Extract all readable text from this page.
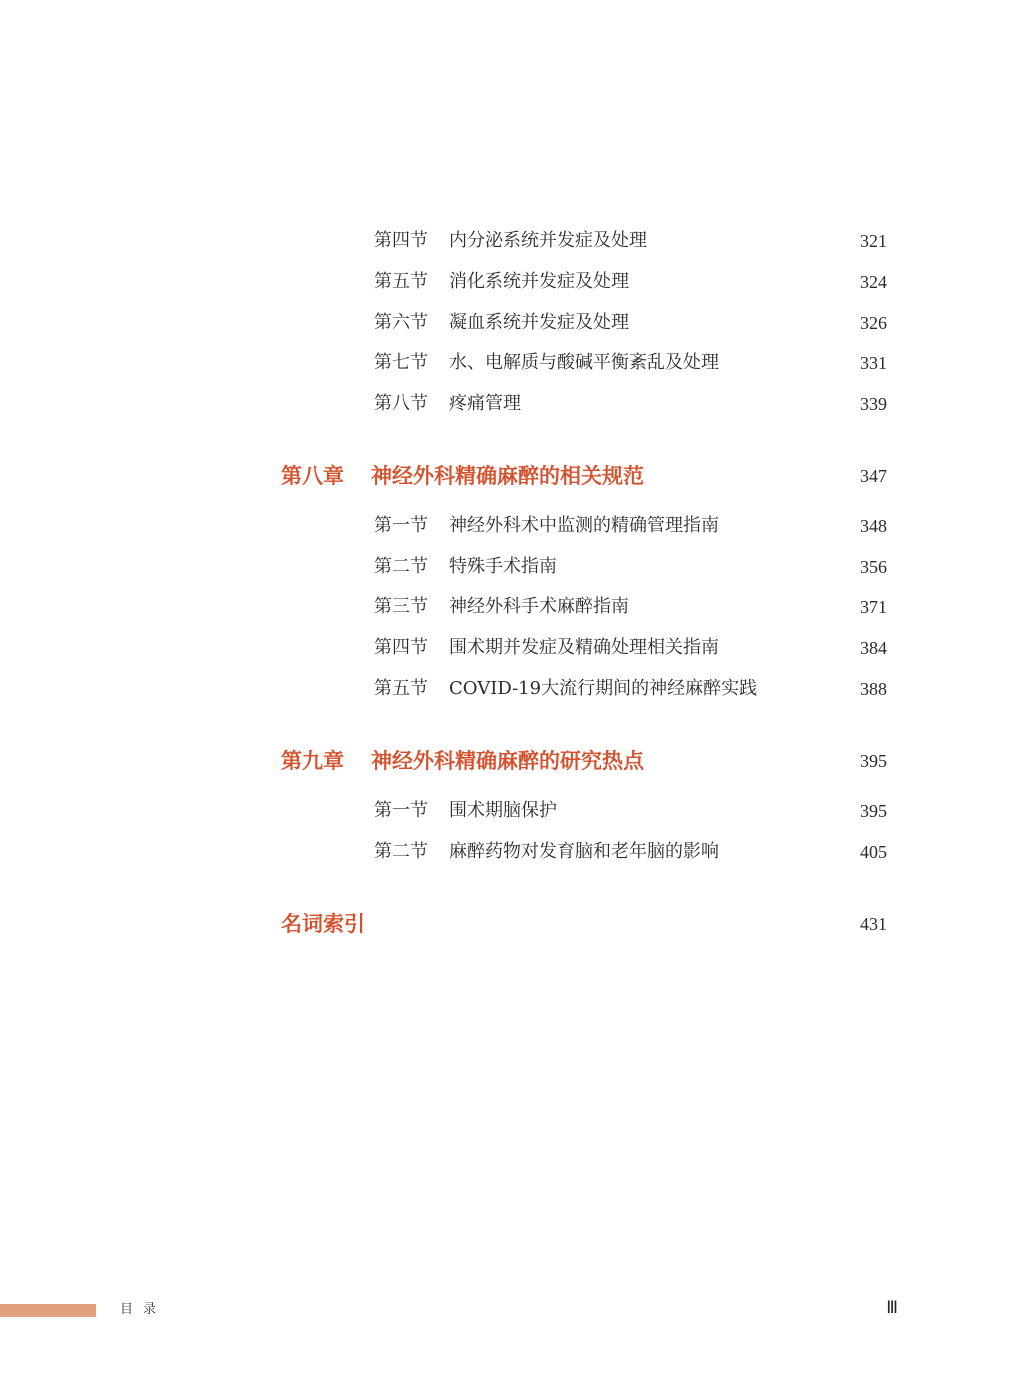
第四节 内分泌系统并发症及处理	321
第五节 消化系统并发症及处理	324
第六节 凝血系统并发症及处理	326
第七节 水、电解质与酸碱平衡紊乱及处理	331
第八节 疼痛管理	339
第八章 神经外科精确麻醉的相关规范	347
第一节 神经外科术中监测的精确管理指南	348
第二节 特殊手术指南	356
第三节 神经外科手术麻醉指南	371
第四节 围术期并发症及精确处理相关指南	384
第五节 COVID-19大流行期间的神经麻醉实践	388
第九章 神经外科精确麻醉的研究热点	395
第一节 围术期脑保护	395
第二节 麻醉药物对发育脑和老年脑的影响	405
名词索引	431
目录	Ⅲ
